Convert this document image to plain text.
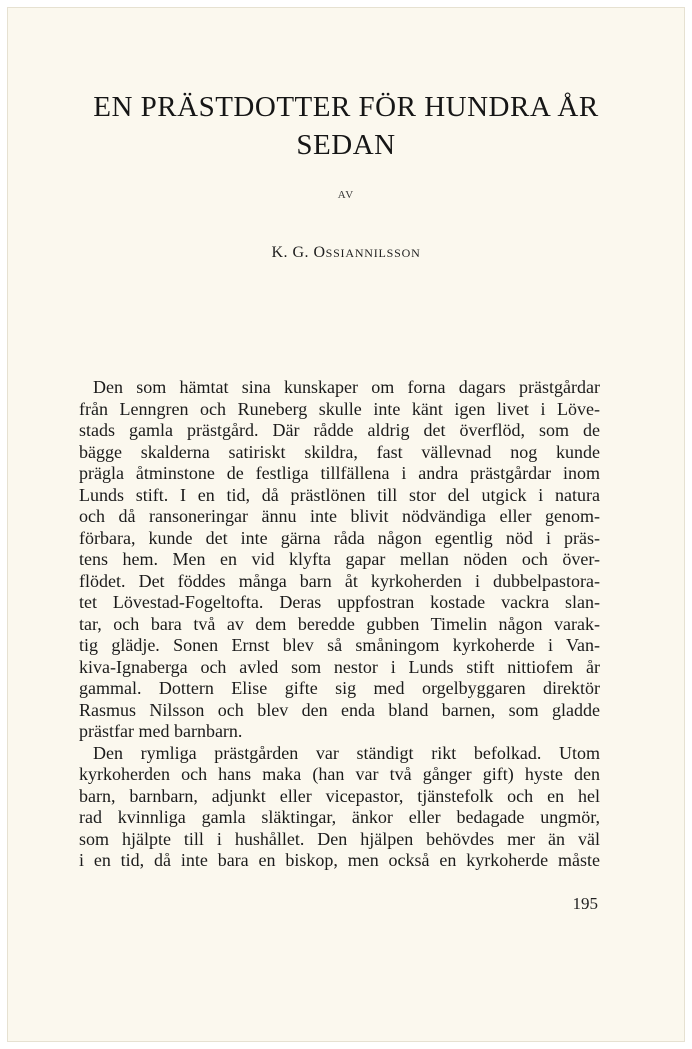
EN PRÄSTDOTTER FÖR HUNDRA ÅR
SEDAN
AV
K. G. OSSIANNILSSON
Den som hämtat sina kunskaper om forna dagars prästgårdar
från Lenngren och Runeberg skulle inte känt igen livet i Löve-
stads gamla prästgård. Där rådde aldrig det överflöd, som de
bägge skalderna satiriskt skildra, fast vällevnad nog kunde
prägla åtminstone de festliga tillfällena i andra prästgårdar inom
Lunds stift. I en tid, då prästlönen till stor del utgick i natura
och då ransoneringar ännu inte blivit nödvändiga eller genom-
förbara, kunde det inte gärna råda någon egentlig nöd i präs-
tens hem. Men en vid klyfta gapar mellan nöden och över-
flödet. Det föddes många barn åt kyrkoherden i dubbelpastora-
tet Lövestad-Fogeltofta. Deras uppfostran kostade vackra slan-
tar, och bara två av dem beredde gubben Timelin någon varak-
tig glädje. Sonen Ernst blev så småningom kyrkoherde i Van-
kiva-Ignaberga och avled som nestor i Lunds stift nittiofem år
gammal. Dottern Elise gifte sig med orgelbyggaren direktör
Rasmus Nilsson och blev den enda bland barnen, som gladde
prästfar med barnbarn.
Den rymliga prästgården var ständigt rikt befolkad. Utom
kyrkoherden och hans maka (han var två gånger gift) hyste den
barn, barnbarn, adjunkt eller vicepastor, tjänstefolk och en hel
rad kvinnliga gamla släktingar, änkor eller bedagade ungmör,
som hjälpte till i hushållet. Den hjälpen behövdes mer än väl
i en tid, då inte bara en biskop, men också en kyrkoherde måste
195
